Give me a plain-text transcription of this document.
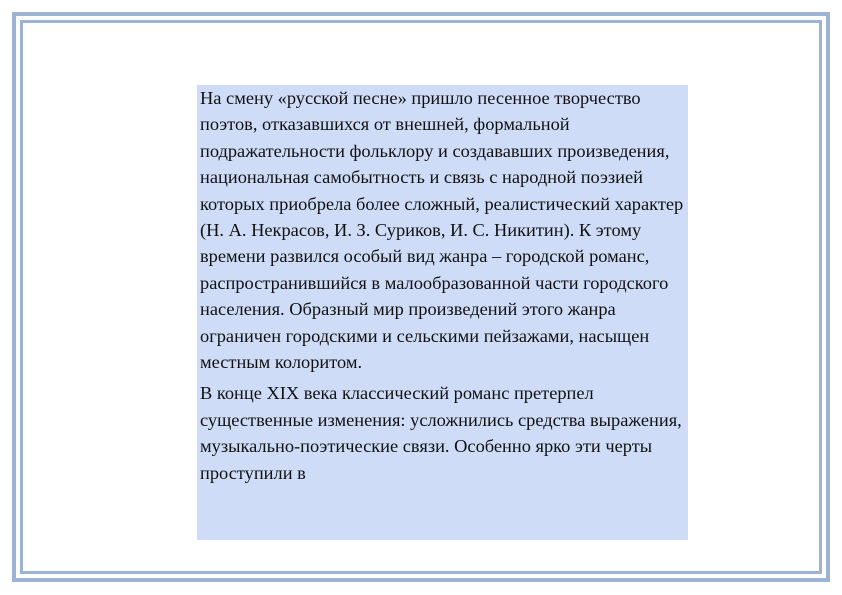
На смену «русской песне» пришло песенное творчество поэтов, отказавшихся от внешней, формальной подражательности фольклору и создававших произведения, национальная самобытность и связь с народной поэзией которых приобрела более сложный, реалистический характер (Н. А. Некрасов, И. З. Суриков, И. С. Никитин). К этому времени развился особый вид жанра – городской романс, распространившийся в малообразованной части городского населения. Образный мир произведений этого жанра ограничен городскими и сельскими пейзажами, насыщен местным колоритом.

В конце XIX века классический романс претерпел существенные изменения: усложнились средства выражения, музыкально-поэтические связи. Особенно ярко эти черты проступили в
